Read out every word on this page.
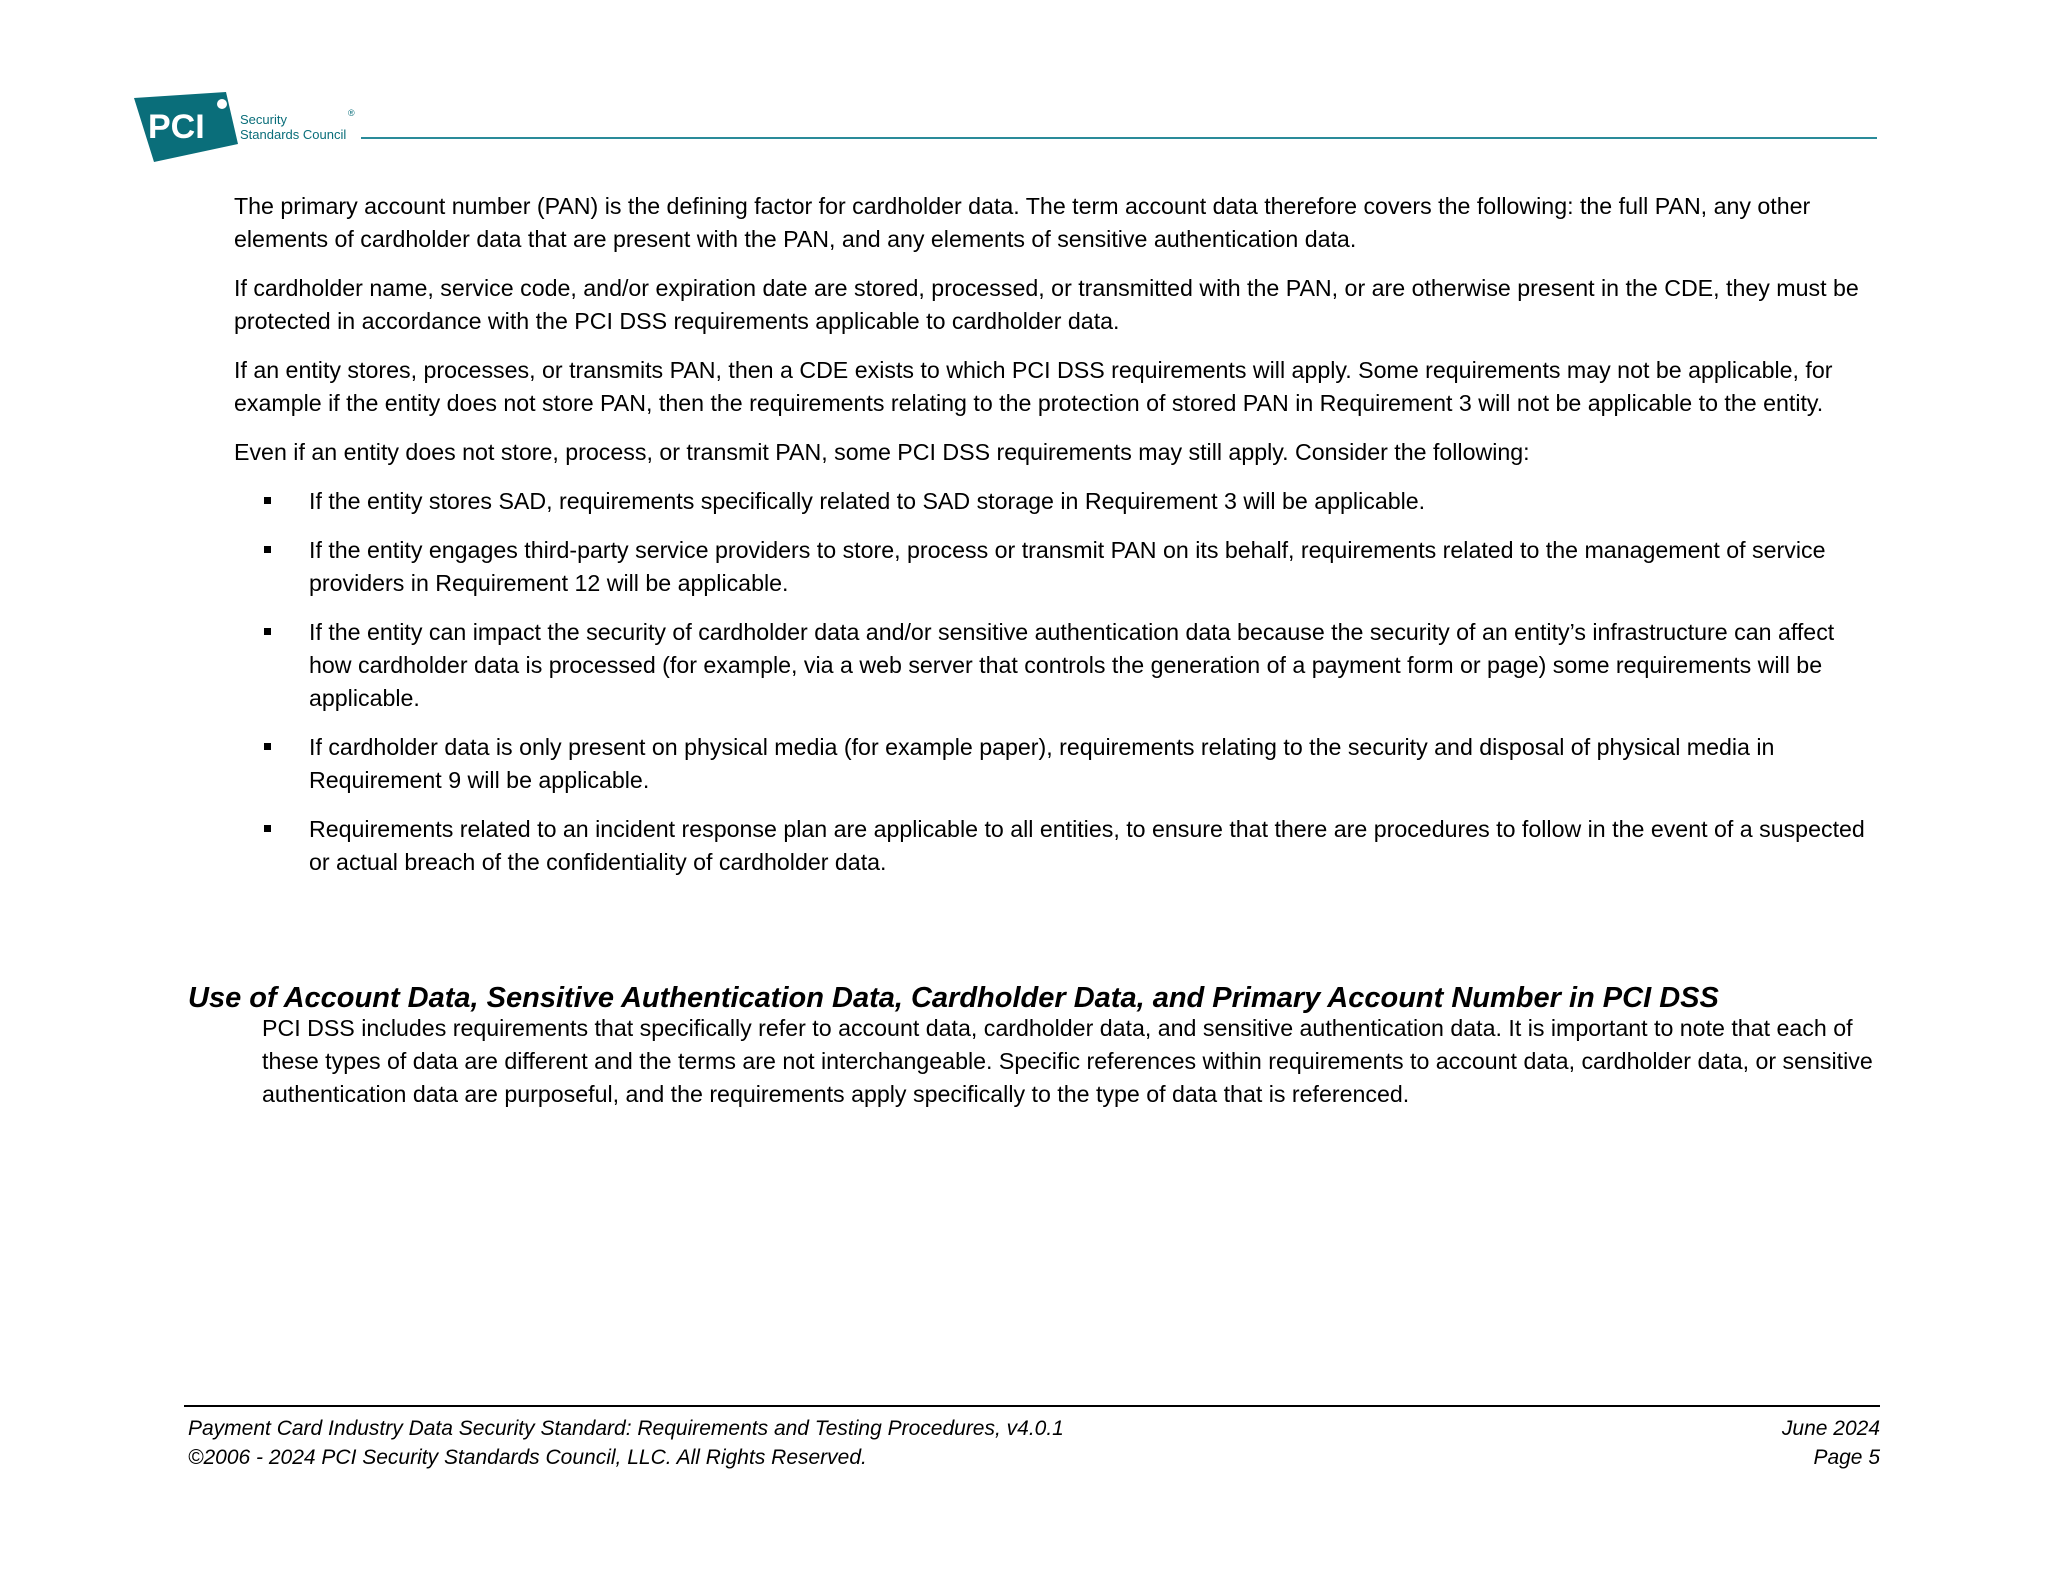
PCI	Security
Standards Council
®

The primary account number (PAN) is the defining factor for cardholder data. The term account data therefore covers the following: the full PAN, any other elements of cardholder data that are present with the PAN, and any elements of sensitive authentication data.

If cardholder name, service code, and/or expiration date are stored, processed, or transmitted with the PAN, or are otherwise present in the CDE, they must be protected in accordance with the PCI DSS requirements applicable to cardholder data.

If an entity stores, processes, or transmits PAN, then a CDE exists to which PCI DSS requirements will apply. Some requirements may not be applicable, for example if the entity does not store PAN, then the requirements relating to the protection of stored PAN in Requirement 3 will not be applicable to the entity.

Even if an entity does not store, process, or transmit PAN, some PCI DSS requirements may still apply. Consider the following:

If the entity stores SAD, requirements specifically related to SAD storage in Requirement 3 will be applicable.
If the entity engages third-party service providers to store, process or transmit PAN on its behalf, requirements related to the management of service providers in Requirement 12 will be applicable.
If the entity can impact the security of cardholder data and/or sensitive authentication data because the security of an entity’s infrastructure can affect how cardholder data is processed (for example, via a web server that controls the generation of a payment form or page) some requirements will be applicable.
If cardholder data is only present on physical media (for example paper), requirements relating to the security and disposal of physical media in Requirement 9 will be applicable.
Requirements related to an incident response plan are applicable to all entities, to ensure that there are procedures to follow in the event of a suspected or actual breach of the confidentiality of cardholder data.
Use of Account Data, Sensitive Authentication Data, Cardholder Data, and Primary Account Number in PCI DSS

PCI DSS includes requirements that specifically refer to account data, cardholder data, and sensitive authentication data. It is important to note that each of these types of data are different and the terms are not interchangeable. Specific references within requirements to account data, cardholder data, or sensitive authentication data are purposeful, and the requirements apply specifically to the type of data that is referenced.

Payment Card Industry Data Security Standard: Requirements and Testing Procedures, v4.0.1
©2006 - 2024 PCI Security Standards Council, LLC. All Rights Reserved.
June 2024
Page 5
